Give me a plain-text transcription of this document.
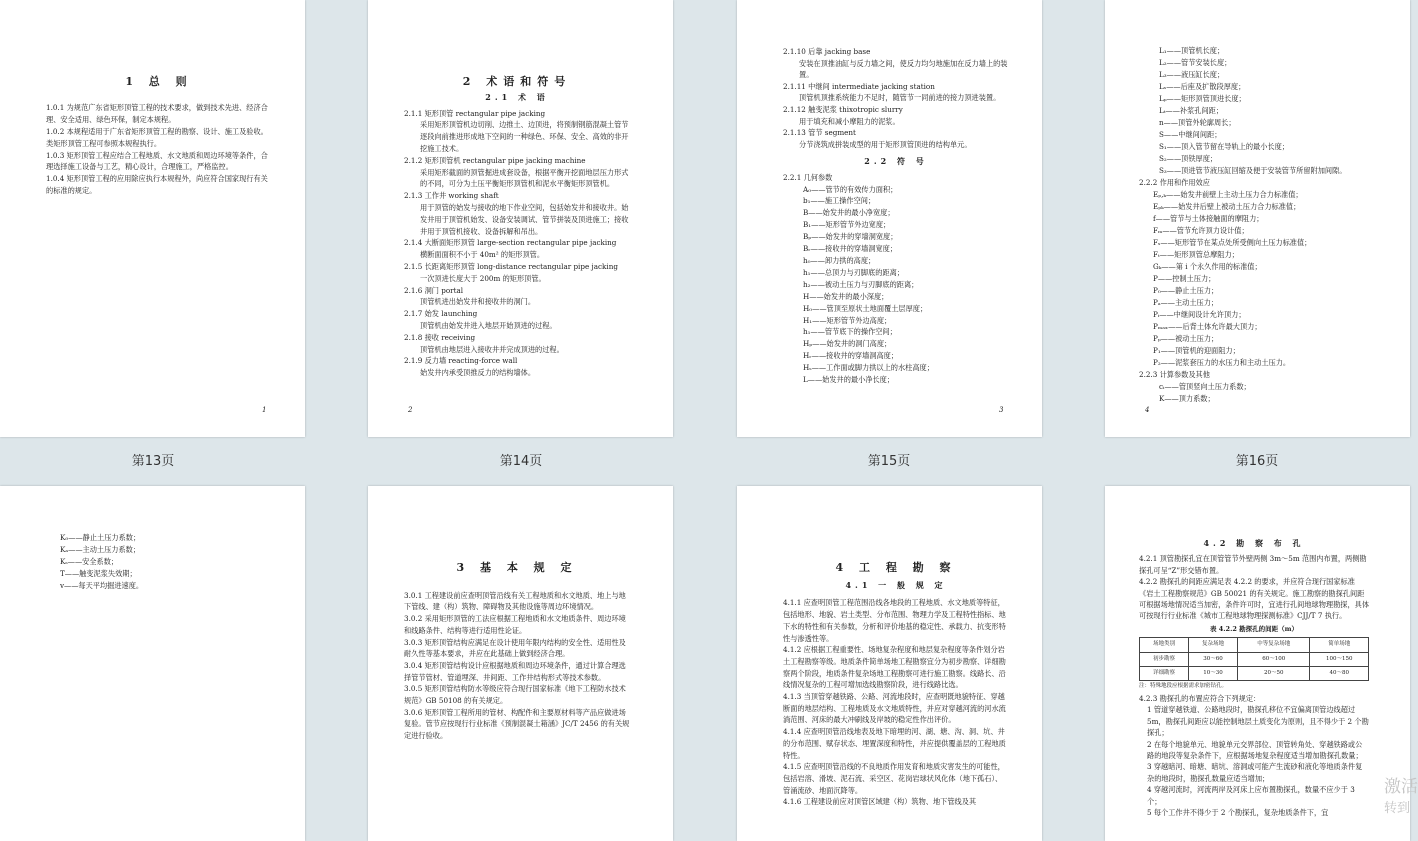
1 总 则

1.0.1 为规范广东省矩形顶管工程的技术要求，做到技术先进、经济合理、安全适用、绿色环保，制定本规程。

1.0.2 本规程适用于广东省矩形顶管工程的勘察、设计、施工及验收。类矩形顶管工程可参照本规程执行。

1.0.3 矩形顶管工程应结合工程地质、水文地质和周边环境等条件，合理选择施工设备与工艺，精心设计，合理施工，严格监控。

1.0.4 矩形顶管工程的应用除应执行本规程外，尚应符合国家现行有关的标准的规定。

1
第13页
2 术语和符号
2.1 术 语

2.1.1 矩形顶管 rectangular pipe jacking

采用矩形顶管机边切削、边推土、边顶进，将预制钢筋混凝土管节逐段向前推进形成地下空间的一种绿色、环保、安全、高效的非开挖施工技术。

2.1.2 矩形顶管机 rectangular pipe jacking machine

采用矩形截面的顶管掘进成套设备，根据平衡开挖面地层压力形式的不同，可分为土压平衡矩形顶管机和泥水平衡矩形顶管机。

2.1.3 工作井 working shaft

用于顶管的始发与接收的地下作业空间，包括始发井和接收井。始发井用于顶管机始发、设备安装调试、管节拼装及顶进施工；接收井用于顶管机接收、设备拆解和吊出。

2.1.4 大断面矩形顶管 large-section rectangular pipe jacking

横断面面积不小于 40m² 的矩形顶管。

2.1.5 长距离矩形顶管 long-distance rectangular pipe jacking

一次顶进长度大于 200m 的矩形顶管。

2.1.6 洞门 portal

顶管机进出始发井和接收井的洞门。

2.1.7 始发 launching

顶管机由始发井进入地层开始顶进的过程。

2.1.8 接收 receiving

顶管机由地层进入接收井并完成顶进的过程。

2.1.9 反力墙 reacting-force wall

始发井内承受顶推反力的结构墙体。

2
第14页

2.1.10 后靠 jacking base

安装在顶推油缸与反力墙之间，使反力均匀地施加在反力墙上的装置。

2.1.11 中继间 intermediate jacking station

顶管机顶推系统能力不足时，随管节一同前进的接力顶进装置。

2.1.12 触变泥浆 thixotropic slurry

用于填充和减小摩阻力的泥浆。

2.1.13 管节 segment

分节浇筑成拼装成型的用于矩形顶管顶进的结构单元。

2.2 符 号

2.2.1 几何参数

A₀——管节的有效传力面积；

b₁——施工操作空间；

B——始发井的最小净宽度；

B₁——矩形管节外边宽度；

Bₚ——始发井的穿墙洞宽度；

Bᵣ——接收井的穿墙洞宽度；

h₀——卸力拱的高度；

h₁——总顶力与刃脚底的距离；

h₂——被动土压力与刃脚底的距离；

H——始发井的最小深度；

H₀——管顶至原状土地面覆土层厚度；

H₁——矩形管节外边高度；

h₁——管节底下的操作空间；

Hₚ——始发井的洞门高度；

Hᵣ——接收井的穿墙洞高度；

Hₛ——工作面或脚力拱以上的水柱高度；

L——始发井的最小净长度；

3
第15页

L₁——顶管机长度；

L₂——管节安装长度；

L₃——液压缸长度；

Lₛ——后座及扩散段厚度；

Lₚ——矩形顶管顶进长度；

Lₜ——补浆孔间距；

n——顶管外轮廓周长；

S——中继间间距；

S₁——顶入管节留在导轨上的最小长度；

S₂——顶铁厚度；

S₃——顶进管节液压缸回缩及便于安装管节所留附加间隙。

2.2.2 作用和作用效应

Eₚ,ₖ——始发井前壁上主动土压力合力标准值；

Eₚₖ——始发井后壁上被动土压力合力标准值；

f——管节与土体接触面的摩阻力；

Fₘ——管节允许顶力设计值；

Fₛ——矩形管节在某点处所受侧向土压力标准值；

Fₜ——矩形顶管总摩阻力；

Gₖ——第 i 个永久作用的标准值；

P——控制土压力；

P₀——静止土压力；

Pₐ——主动土压力；

Pᵢ——中继间设计允许顶力；

Pₘₐₓ——后背土体允许最大顶力；

Pₚ——被动土压力；

P₁——顶管机的迎面阻力；

P₂——泥浆套压力的水压力和主动土压力。

2.2.3 计算参数及其他

cᵢ——管顶竖向土压力系数；

K——顶力系数；

4
第16页

K₀——静止土压力系数；

Kₐ——主动土压力系数；

Kₛ——安全系数；

T——触变泥浆失效期；

v——每天平均掘进速度。

3 基 本 规 定

3.0.1 工程建设前应查明顶管沿线有关工程地质和水文地质、地上与地下管线、建（构）筑物、障碍物及其他设施等周边环境情况。

3.0.2 采用矩形顶管的工法应根据工程地质和水文地质条件、周边环境和线路条件、结构等进行适用性论证。

3.0.3 矩形顶管结构应满足在设计使用年限内结构的安全性、适用性及耐久性等基本要求，并应在此基础上做到经济合理。

3.0.4 矩形顶管结构设计应根据地质和周边环境条件，通过计算合理选择管节管材、管道埋深、井间距、工作井结构形式等技术参数。

3.0.5 矩形顶管结构防水等级应符合现行国家标准《地下工程防水技术规范》GB 50108 的有关规定。

3.0.6 矩形顶管工程所用的管材、构配件和主要原材料等产品应做进场复验。管节应按现行行业标准《预制混凝土箱涵》JC/T 2456 的有关规定进行验收。

4 工 程 勘 察
4.1 一 般 规 定

4.1.1 应查明顶管工程范围沿线各地段的工程地质、水文地质等特征，包括地形、地貌、岩土类型、分布范围、物理力学及工程特性指标、地下水的特性和有关参数，分析和评价地基的稳定性、承载力、抗变形特性与渗透性等。

4.1.2 应根据工程重要性、场地复杂程度和地层复杂程度等条件划分岩土工程勘察等级。地质条件简单场地工程勘察宜分为初步勘察、详细勘察两个阶段，地质条件复杂场地工程勘察可进行施工勘察。线路长、沿线情况复杂的工程可增加选线勘察阶段，进行线路比选。

4.1.3 当顶管穿越铁路、公路、河流地段时，应查明既地貌特征、穿越断面的地层结构、工程地质及水文地质特性，并应对穿越河流的河水流淌范围、河床的最大冲刷线及岸坡的稳定性作出评价。

4.1.4 应查明顶管沿线地表及地下暗埋的河、湖、塘、沟、洞、坑、井的分布范围、赋存状态、埋置深度和特性，并应提供覆盖层的工程地质特性。

4.1.5 应查明顶管沿线的不良地质作用发育和地质灾害发生的可能性，包括岩溶、滑坡、泥石流、采空区、花岗岩球状风化体（地下孤石）、管涌流砂、地面沉降等。

4.1.6 工程建设前应对顶管区域建（构）筑物、地下管线及其

4.2 勘 察 布 孔

4.2.1 顶管勘探孔宜在顶管管节外壁两侧 3m～5m 范围内布置，两侧勘探孔可呈“Z”形交错布置。

4.2.2 勘探孔的间距应满足表 4.2.2 的要求，并应符合现行国家标准《岩土工程勘察规范》GB 50021 的有关规定。施工勘察的勘探孔间距可根据场地情况适当加密，条件许可时，宜进行孔间地球物理勘探，具体可按现行行业标准《城市工程地球物理探测标准》CJJ/T 7 执行。

表 4.2.2 勘探孔的间距（m）
场地类别	复杂场地	中等复杂场地	简单场地
初步勘察	30～60	60～100	100～150
详细勘察	10～30	20～50	40～80
注：特殊地段应根据需求加密钻孔。

4.2.3 勘探孔的布置应符合下列规定：

1 管道穿越铁道、公路地段时，勘探孔移位不宜偏离顶管边线超过 5m，勘探孔间距应以能控制地层土质变化为原则，且不得少于 2 个勘探孔；

2 在每个地貌单元、地貌单元交界部位、顶管转角处、穿越铁路或公路的地段等复杂条件下，应根据场地复杂程度适当增加勘探孔数量；

3 穿越暗河、暗塘、暗坑、溶洞或可能产生流砂和液化等地质条件复杂的地段时，勘探孔数量应适当增加；

4 穿越河流时，河流两岸及河床上应布置勘探孔，数量不应少于 3 个；

5 每个工作井不得少于 2 个勘探孔，复杂地质条件下，宜

激活
转到
